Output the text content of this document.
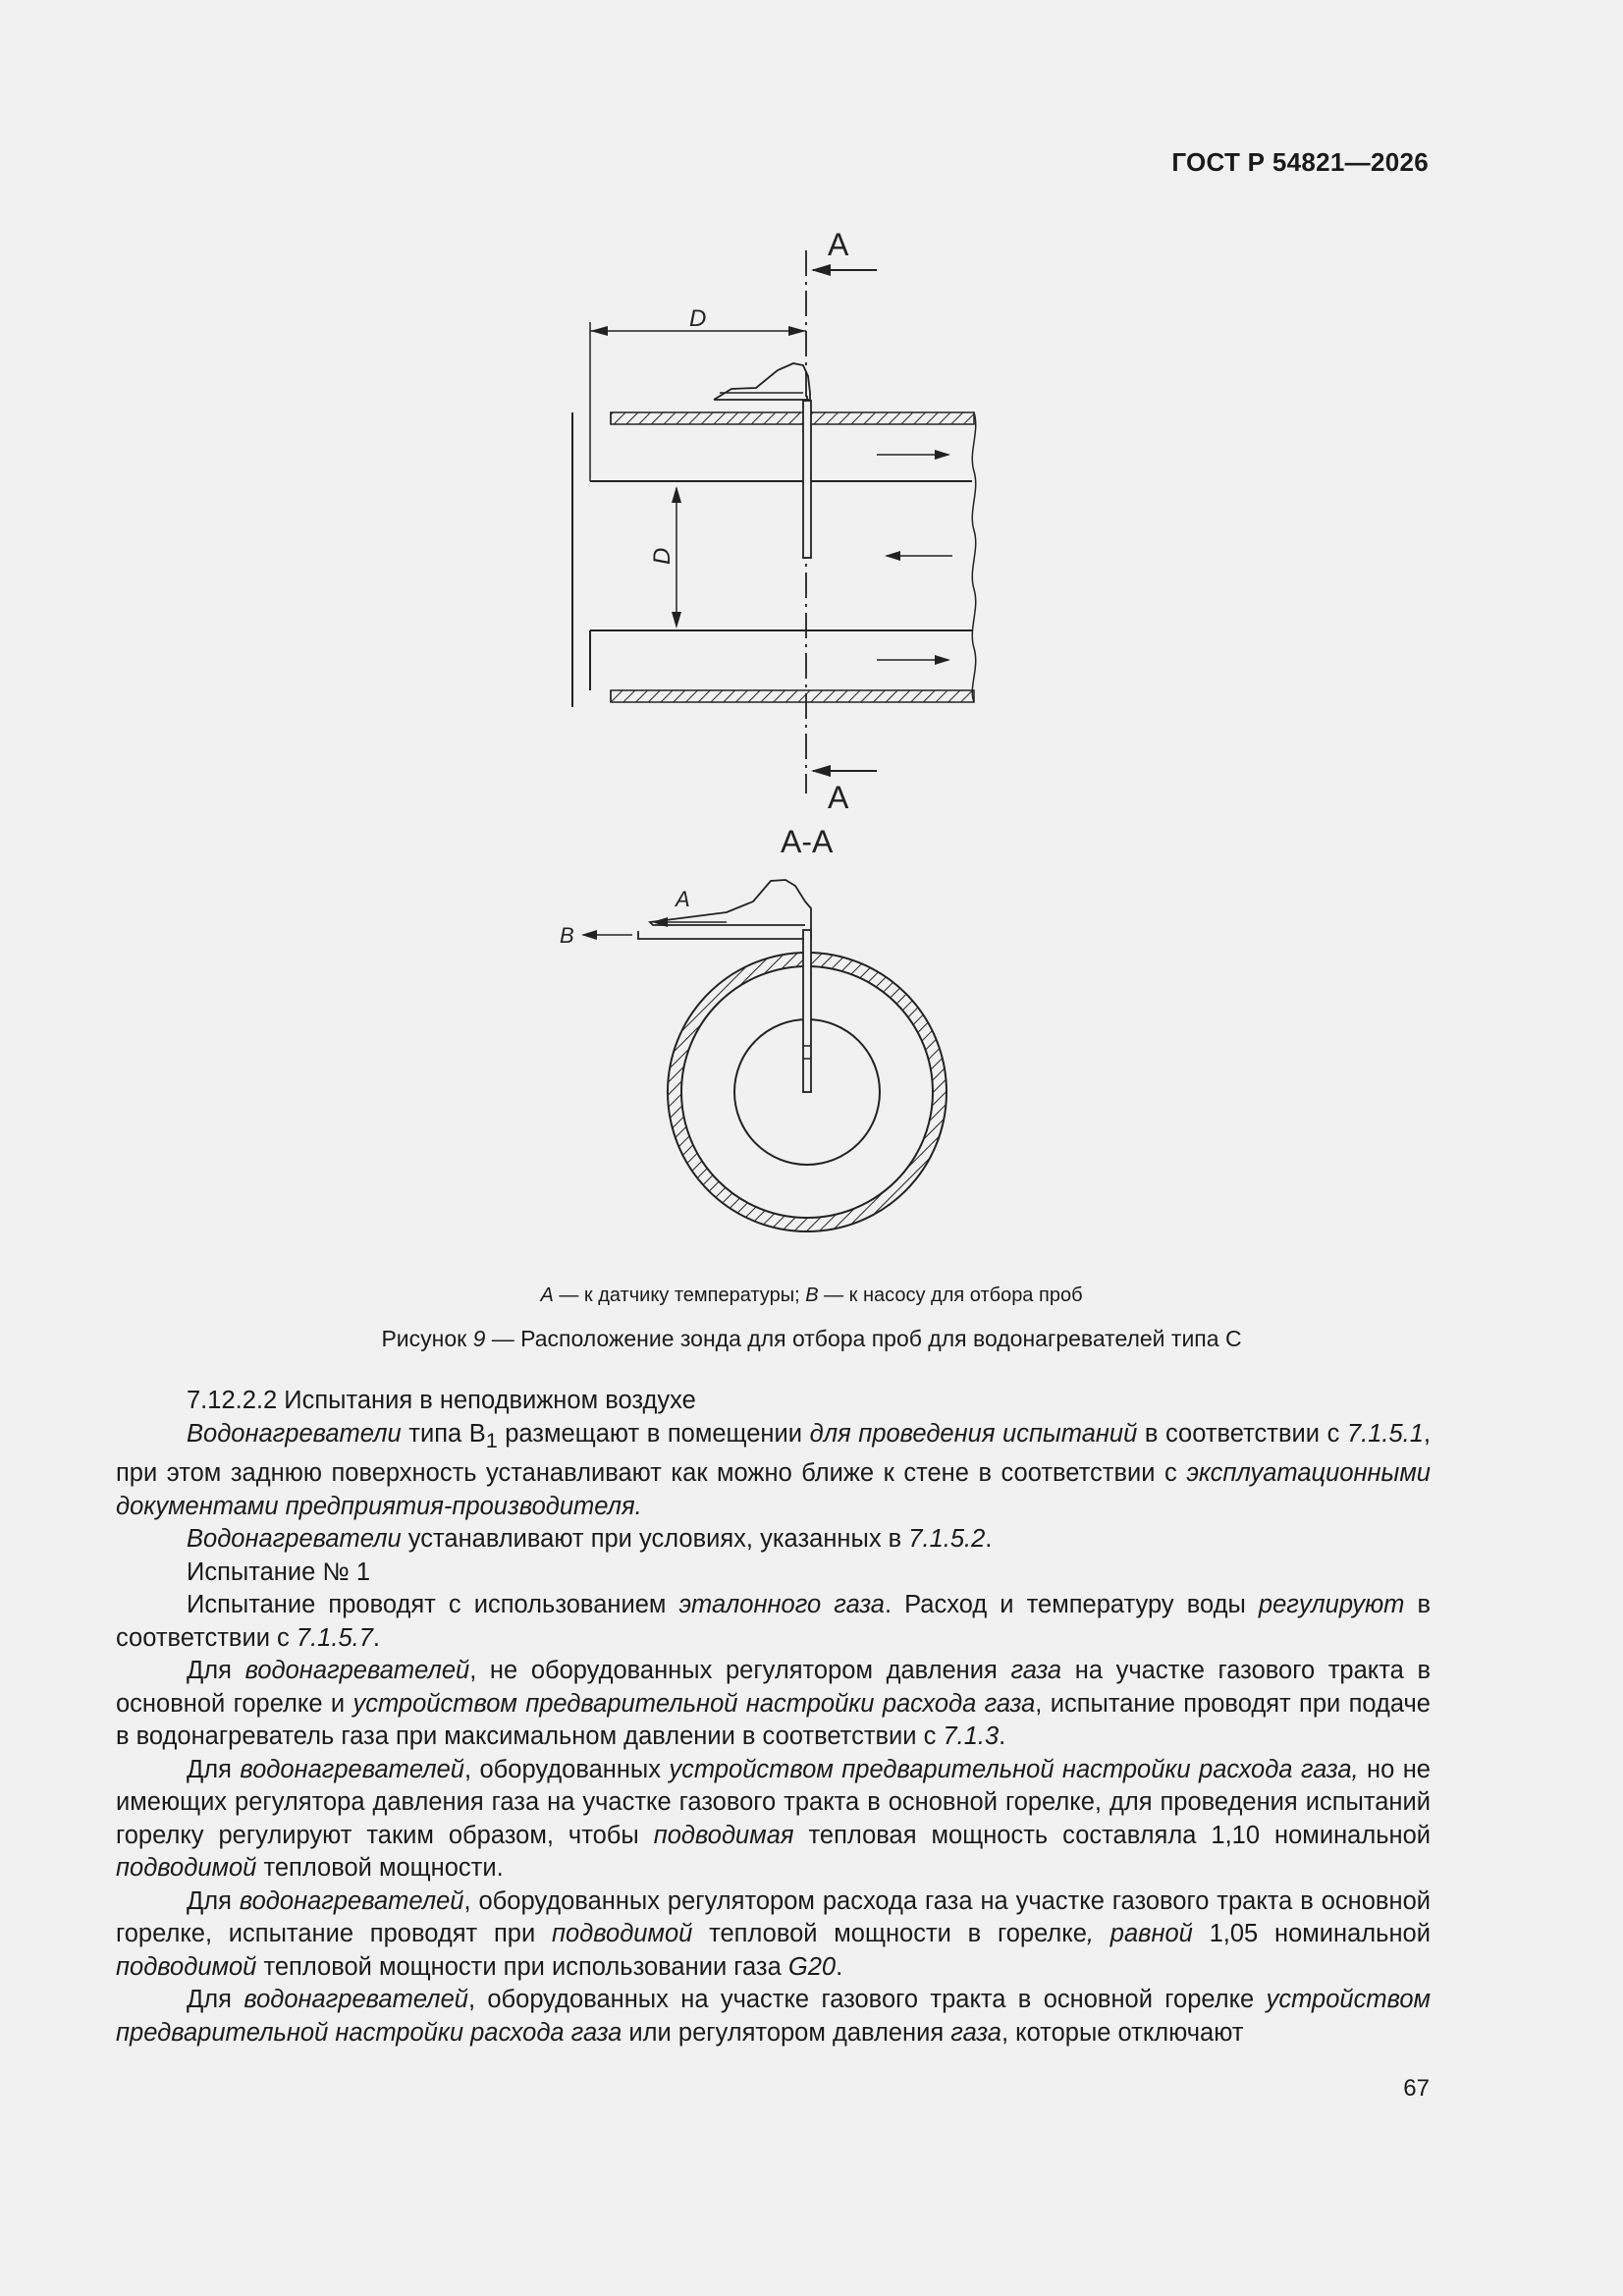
ГОСТ Р 54821—2026
A
A
D
D
A-A
A
B
A — к датчику температуры; B — к насосу для отбора проб
Рисунок 9 — Расположение зонда для отбора проб для водонагревателей типа С

7.12.2.2 Испытания в неподвижном воздухе

Водонагреватели типа $В_1$ размещают в помещении для проведения испытаний в соответствии с 7.1.5.1, при этом заднюю поверхность устанавливают как можно ближе к стене в соответствии с эксплуатационными документами предприятия-производителя.

Водонагреватели устанавливают при условиях, указанных в 7.1.5.2.

Испытание № 1

Испытание проводят с использованием эталонного газа. Расход и температуру воды регулируют в соответствии с 7.1.5.7.

Для водонагревателей, не оборудованных регулятором давления газа на участке газового тракта в основной горелке и устройством предварительной настройки расхода газа, испытание проводят при подаче в водонагреватель газа при максимальном давлении в соответствии с 7.1.3.

Для водонагревателей, оборудованных устройством предварительной настройки расхода газа, но не имеющих регулятора давления газа на участке газового тракта в основной горелке, для проведения испытаний горелку регулируют таким образом, чтобы подводимая тепловая мощность составляла 1,10 номинальной подводимой тепловой мощности.

Для водонагревателей, оборудованных регулятором расхода газа на участке газового тракта в основной горелке, испытание проводят при подводимой тепловой мощности в горелке, равной 1,05 номинальной подводимой тепловой мощности при использовании газа G20.

Для водонагревателей, оборудованных на участке газового тракта в основной горелке устройством предварительной настройки расхода газа или регулятором давления газа, которые отключают

67
